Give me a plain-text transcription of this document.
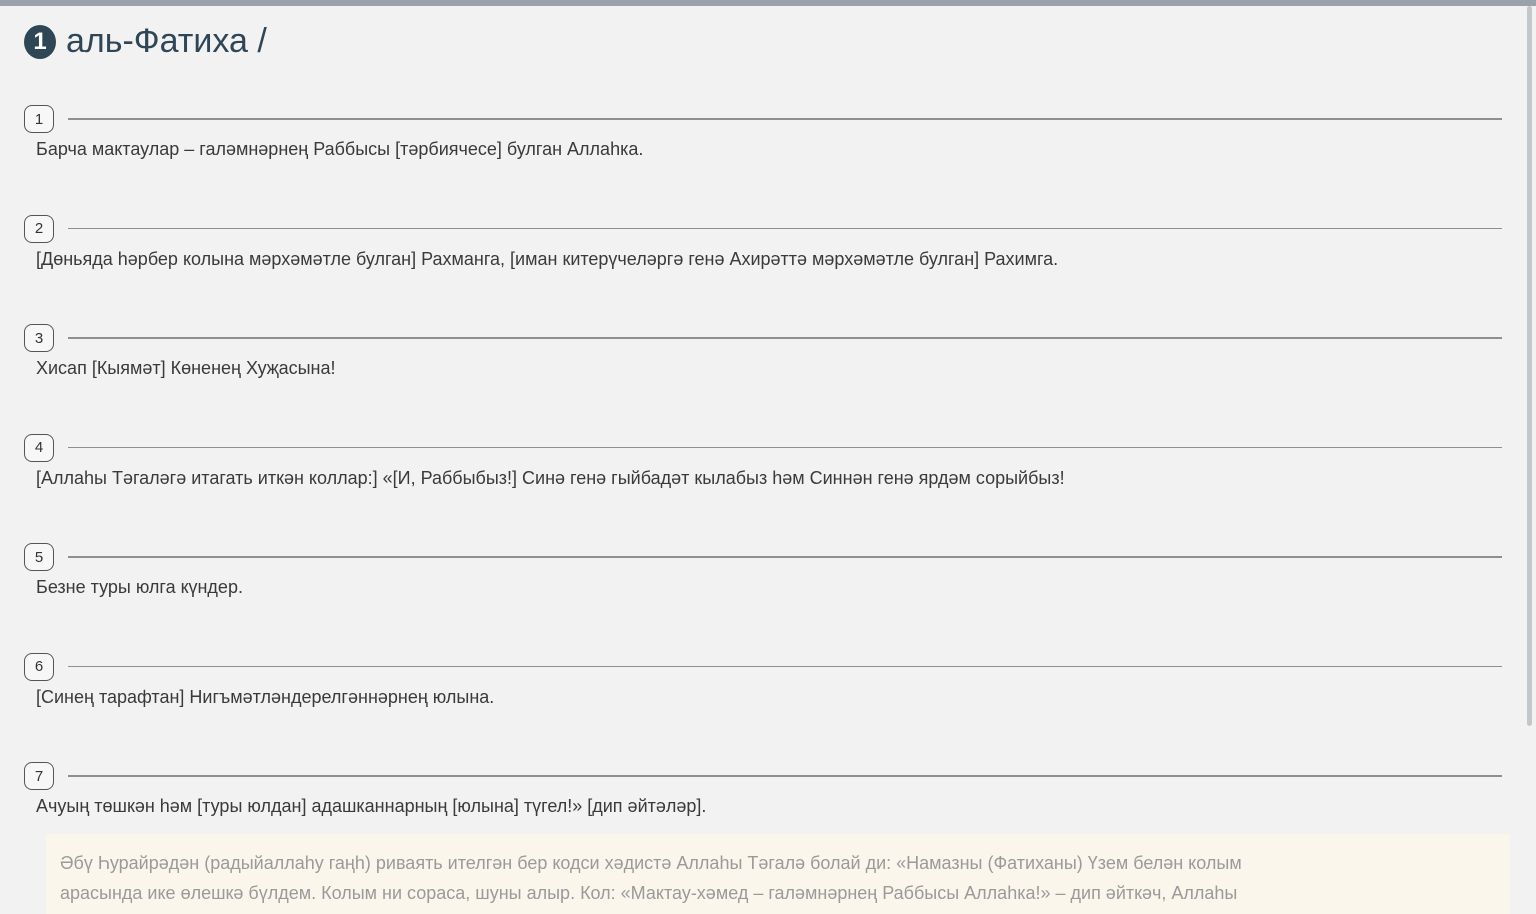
1 аль-Фатиха /
1
Барча мактаулар – галәмнәрнең Раббысы [тәрбиячесе] булган Аллаһка.
2
[Дөньяда һәрбер колына мәрхәмәтле булган] Рахманга, [иман китерүчеләргә генә Ахирәттә мәрхәмәтле булган] Рахимга.
3
Хисап [Кыямәт] Көненең Хуҗасына!
4
[Аллаһы Тәгаләгә итагать иткән коллар:] «[И, Раббыбыз!] Синә генә гыйбадәт кылабыз һәм Синнән генә ярдәм сорыйбыз!
5
Безне туры юлга күндер.
6
[Синең тарафтан] Нигъмәтләндерелгәннәрнең юлына.
7
Ачуың төшкән һәм [туры юлдан] адашканнарның [юлына] түгел!» [дип әйтәләр].

Әбү Һурайрәдән (радыйаллаһу гаңһ) риваять ителгән бер кодси хәдистә Аллаһы Тәгалә болай ди: «Намазны (Фатиханы) Үзем белән колым

арасында ике өлешкә бүлдем. Колым ни сораса, шуны алыр. Кол: «Мактау-хәмед – галәмнәрнең Раббысы Аллаһка!» – дип әйткәч, Аллаһы
